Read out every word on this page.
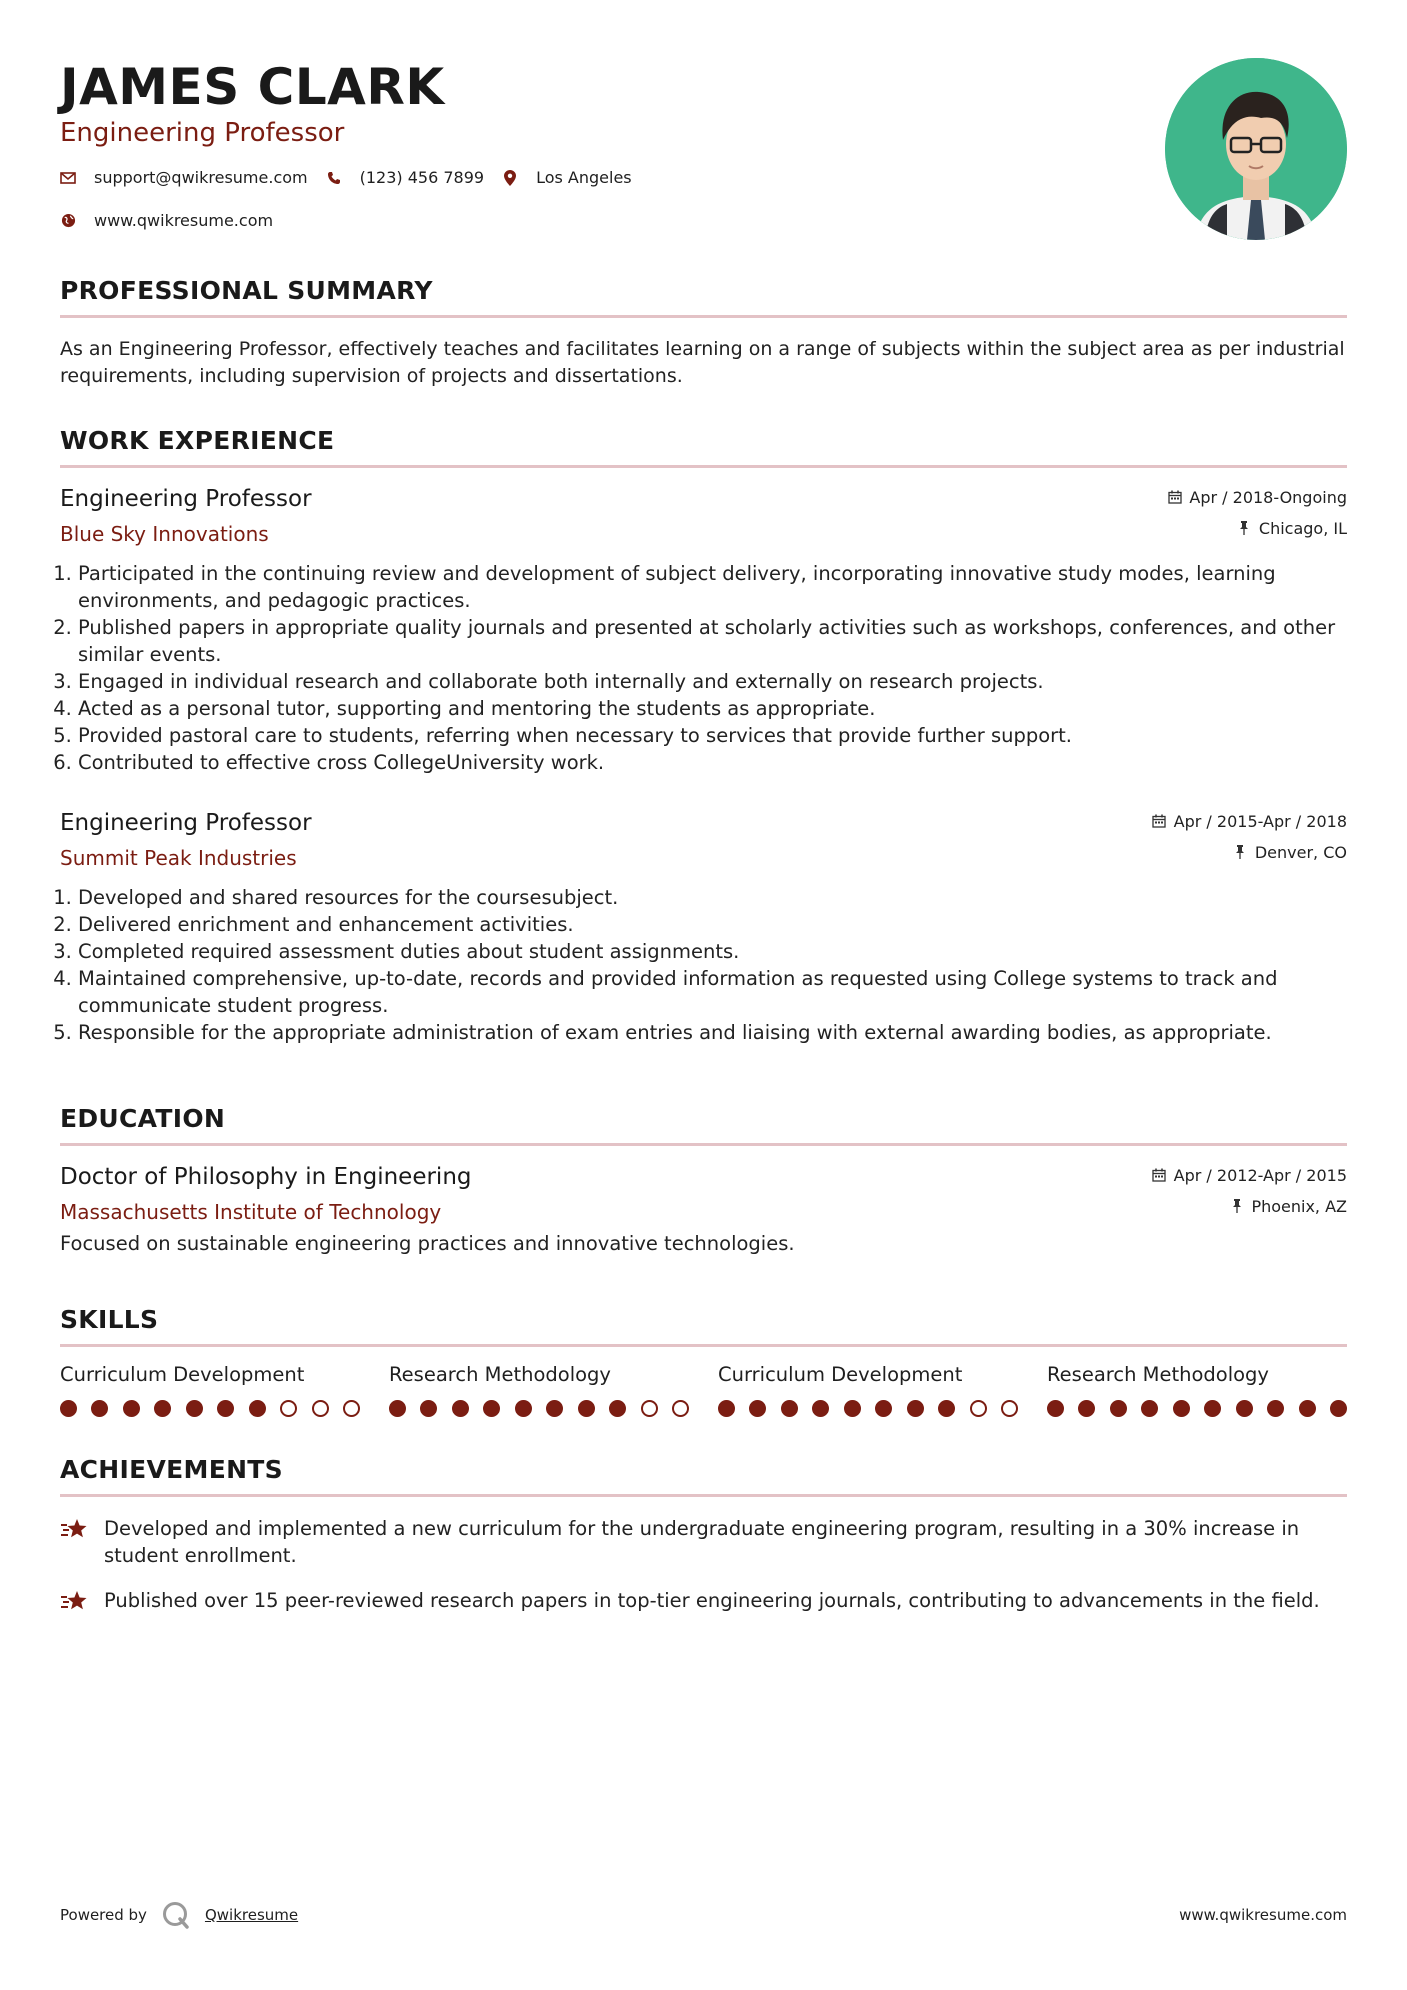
JAMES CLARK
Engineering Professor
support@qwikresume.com	(123) 456 7899	Los Angeles
www.qwikresume.com
PROFESSIONAL SUMMARY
As an Engineering Professor, effectively teaches and facilitates learning on a range of subjects within the subject area as per industrial requirements, including supervision of projects and dissertations.
WORK EXPERIENCE
Engineering Professor
Blue Sky Innovations
Apr / 2018-Ongoing
Chicago, IL
1. Participated in the continuing review and development of subject delivery, incorporating innovative study modes, learning environments, and pedagogic practices.
2. Published papers in appropriate quality journals and presented at scholarly activities such as workshops, conferences, and other similar events.
3. Engaged in individual research and collaborate both internally and externally on research projects.
4. Acted as a personal tutor, supporting and mentoring the students as appropriate.
5. Provided pastoral care to students, referring when necessary to services that provide further support.
6. Contributed to effective cross CollegeUniversity work.
Engineering Professor
Summit Peak Industries
Apr / 2015-Apr / 2018
Denver, CO
1. Developed and shared resources for the coursesubject.
2. Delivered enrichment and enhancement activities.
3. Completed required assessment duties about student assignments.
4. Maintained comprehensive, up-to-date, records and provided information as requested using College systems to track and communicate student progress.
5. Responsible for the appropriate administration of exam entries and liaising with external awarding bodies, as appropriate.
EDUCATION
Doctor of Philosophy in Engineering
Massachusetts Institute of Technology
Apr / 2012-Apr / 2015
Phoenix, AZ
Focused on sustainable engineering practices and innovative technologies.
SKILLS
Curriculum Development	Research Methodology	Curriculum Development	Research Methodology
ACHIEVEMENTS
Developed and implemented a new curriculum for the undergraduate engineering program, resulting in a 30% increase in student enrollment.
Published over 15 peer-reviewed research papers in top-tier engineering journals, contributing to advancements in the field.
Powered by	Qwikresume	www.qwikresume.com
